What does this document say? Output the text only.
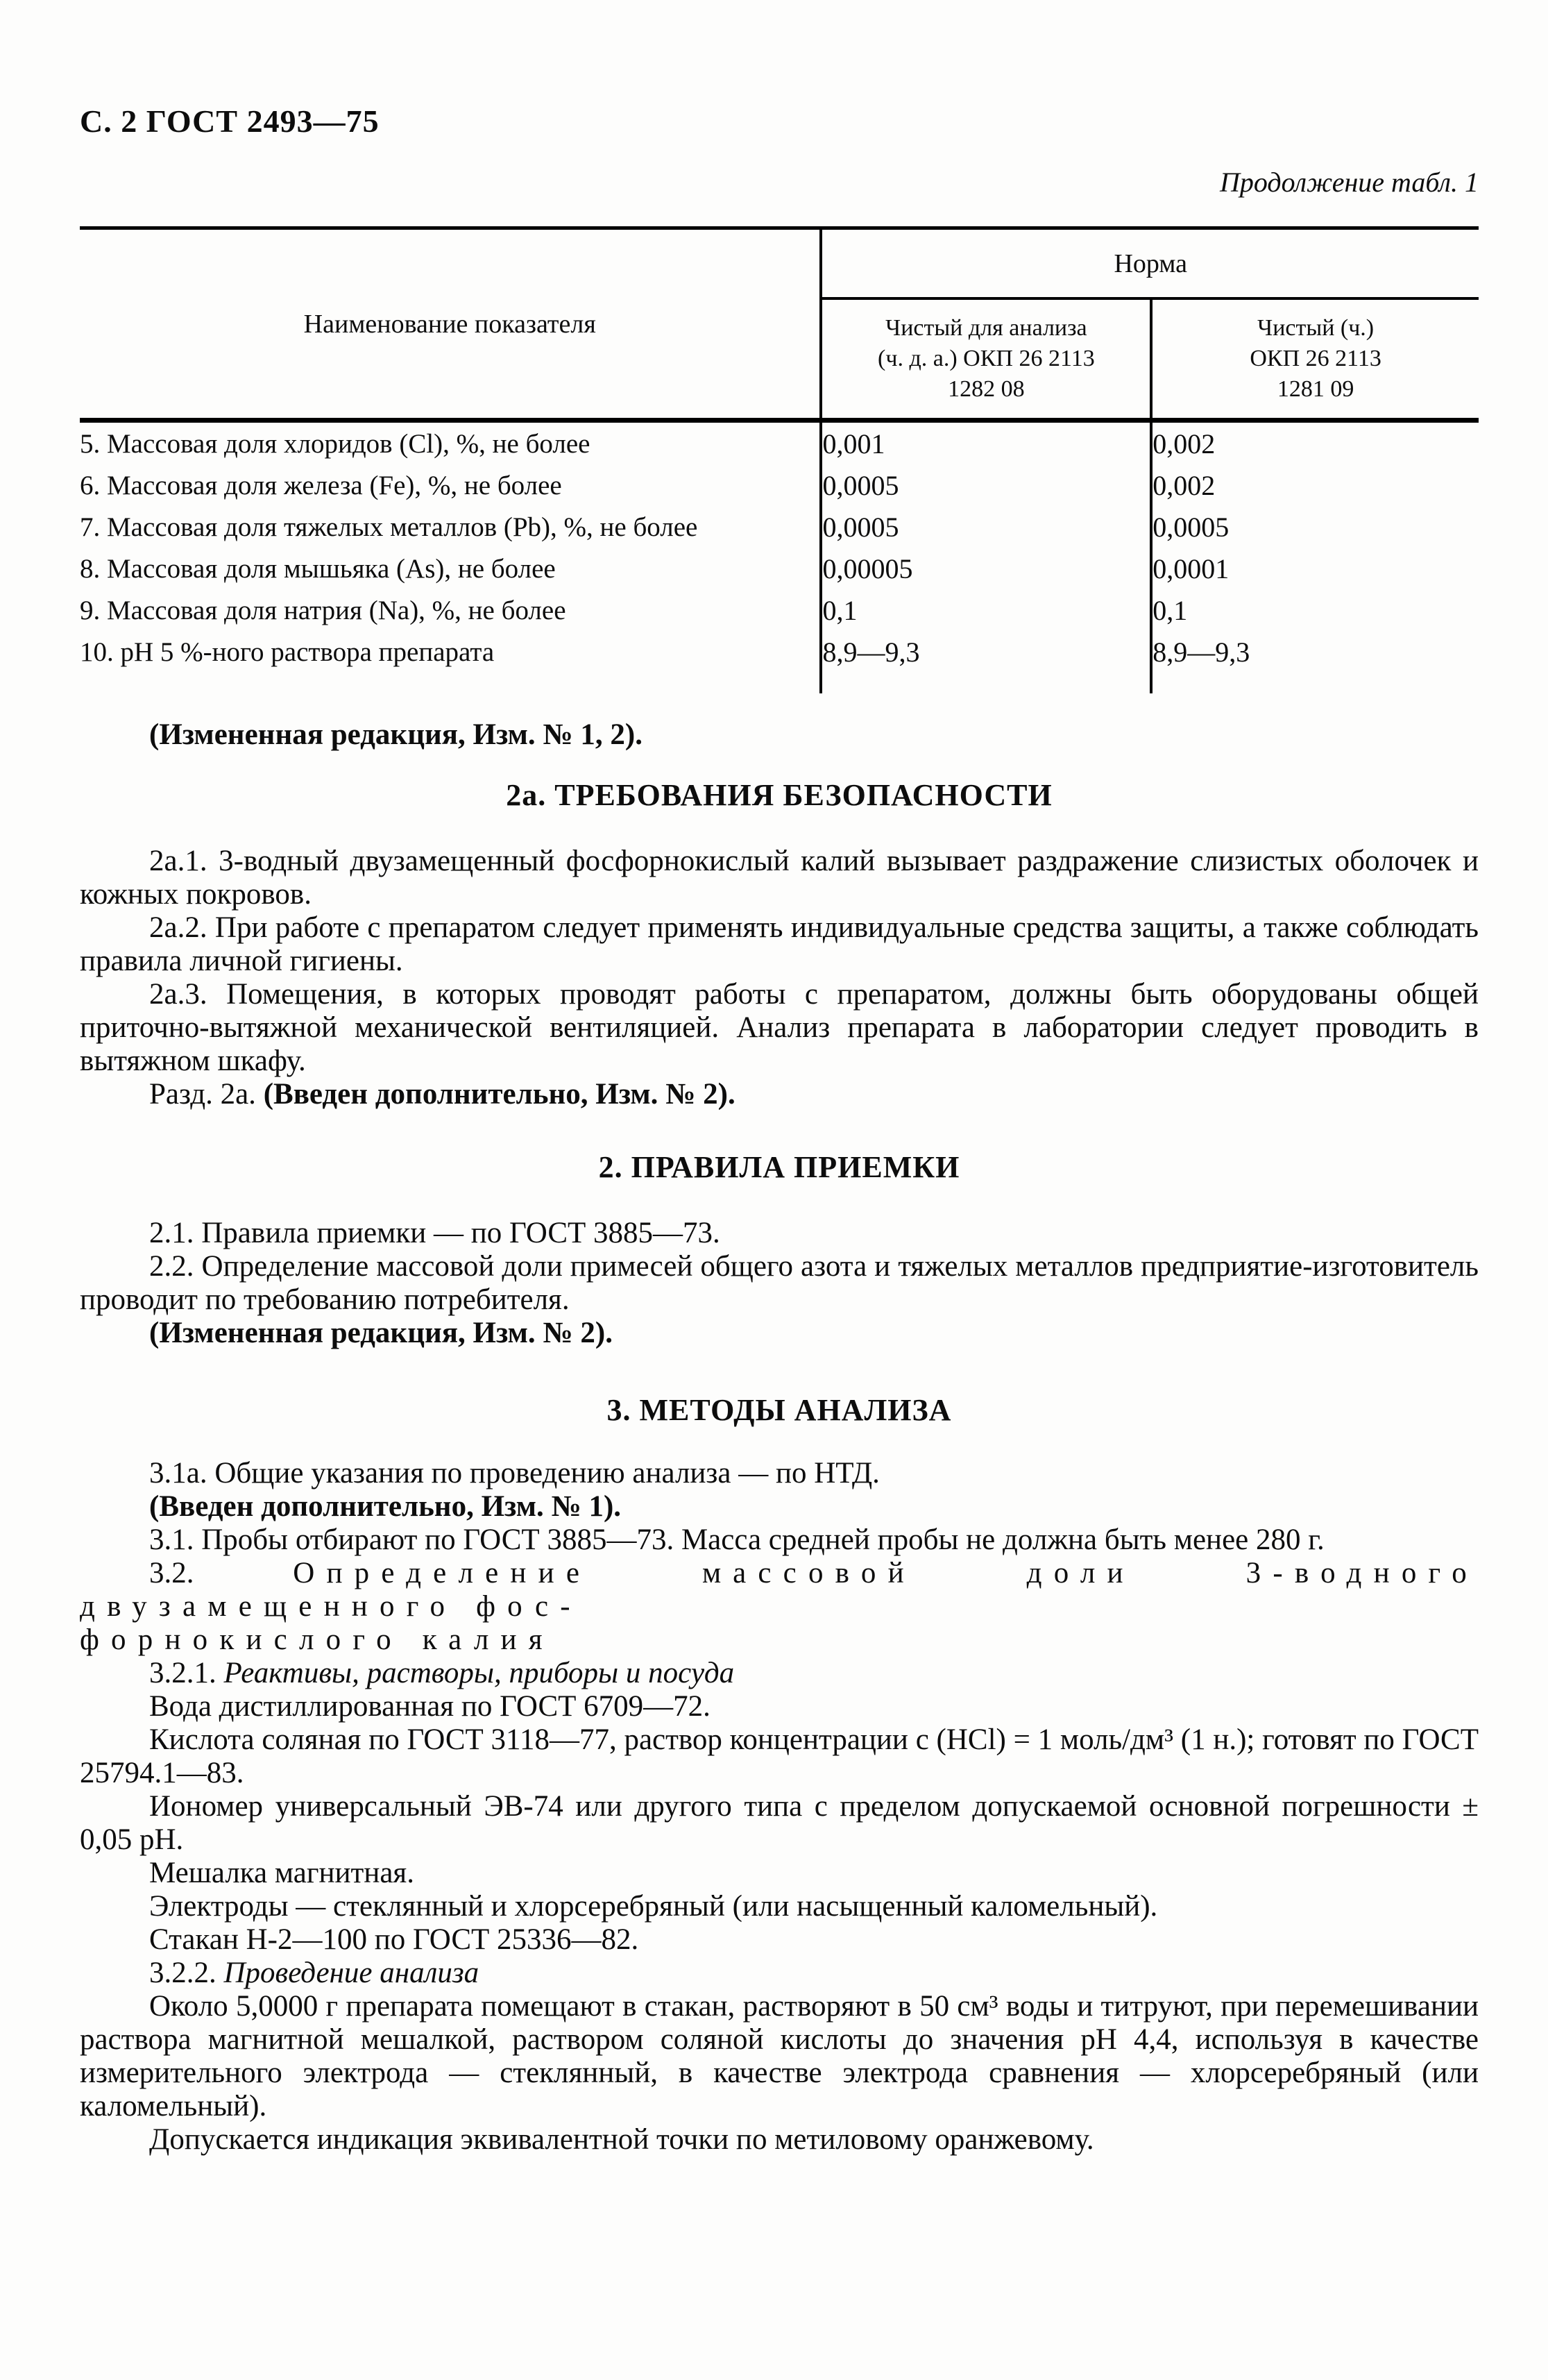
С. 2 ГОСТ 2493—75
Продолжение табл. 1
Наименование показателя	Норма	

Чистый для анализа
(ч. д. а.) ОКП 26 2113
1282 08

Чистый (ч.)
ОКП 26 2113
1281 09

5. Массовая доля хлоридов (Cl), %, не более	0,001	0,002
6. Массовая доля железа (Fe), %, не более	0,0005	0,002
7. Массовая доля тяжелых металлов (Pb), %, не более	0,0005	0,0005
8. Массовая доля мышьяка (As), не более	0,00005	0,0001
9. Массовая доля натрия (Na), %, не более	0,1	0,1
10. pH 5 %-ного раствора препарата	8,9—9,3	8,9—9,3

(Измененная редакция, Изм. № 1, 2).

2а. ТРЕБОВАНИЯ БЕЗОПАСНОСТИ

2а.1. 3-водный двузамещенный фосфорнокислый калий вызывает раздражение слизистых оболочек и кожных покровов.

2а.2. При работе с препаратом следует применять индивидуальные средства защиты, а также соблюдать правила личной гигиены.

2а.3. Помещения, в которых проводят работы с препаратом, должны быть оборудованы общей приточно-вытяжной механической вентиляцией. Анализ препарата в лаборатории следует проводить в вытяжном шкафу.

Разд. 2а. (Введен дополнительно, Изм. № 2).

2. ПРАВИЛА ПРИЕМКИ

2.1. Правила приемки — по ГОСТ 3885—73.

2.2. Определение массовой доли примесей общего азота и тяжелых металлов предприятие-изготовитель проводит по требованию потребителя.

(Измененная редакция, Изм. № 2).

3. МЕТОДЫ АНАЛИЗА

3.1а. Общие указания по проведению анализа — по НТД.

(Введен дополнительно, Изм. № 1).

3.1. Пробы отбирают по ГОСТ 3885—73. Масса средней пробы не должна быть менее 280 г.

3.2.	Определение массовой доли 3-водного двузамещенного фос-
форнокислого калия

3.2.1. Реактивы, растворы, приборы и посуда

Вода дистиллированная по ГОСТ 6709—72.

Кислота соляная по ГОСТ 3118—77, раствор концентрации с (HCl) = 1 моль/дм³ (1 н.); готовят по ГОСТ 25794.1—83.

Иономер универсальный ЭВ-74 или другого типа с пределом допускаемой основной погрешности ± 0,05 pH.

Мешалка магнитная.

Электроды — стеклянный и хлорсеребряный (или насыщенный каломельный).

Стакан Н-2—100 по ГОСТ 25336—82.

3.2.2. Проведение анализа

Около 5,0000 г препарата помещают в стакан, растворяют в 50 см³ воды и титруют, при перемешивании раствора магнитной мешалкой, раствором соляной кислоты до значения pH 4,4, используя в качестве измерительного электрода — стеклянный, в качестве электрода сравнения — хлорсеребряный (или каломельный).

Допускается индикация эквивалентной точки по метиловому оранжевому.
